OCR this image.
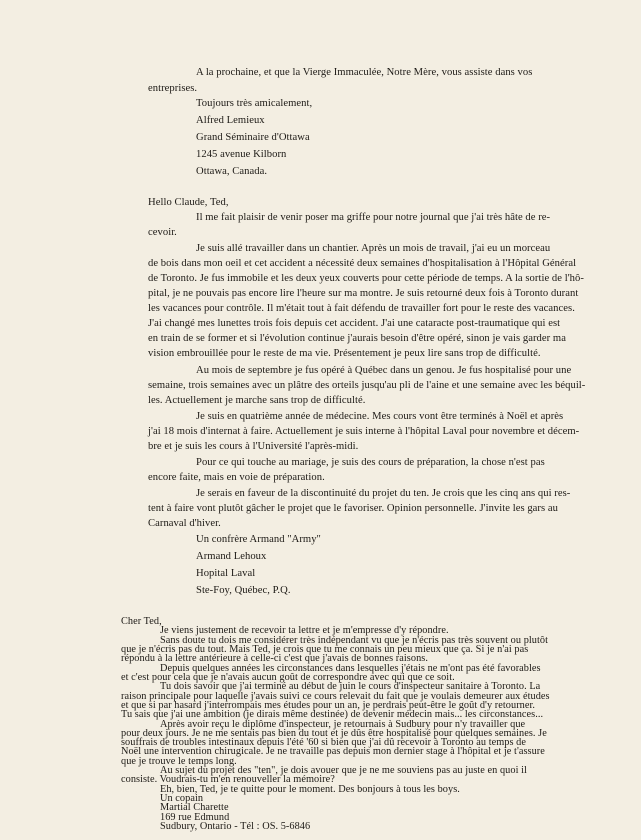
A la prochaine, et que la Vierge Immaculée, Notre Mère, vous assiste dans vos
entreprises.
Toujours très amicalement,
Alfred Lemieux
Grand Séminaire d'Ottawa
1245 avenue Kilborn
Ottawa, Canada.
Hello Claude, Ted,
Il me fait plaisir de venir poser ma griffe pour notre journal que j'ai très hâte de re-
cevoir.
Je suis allé travailler dans un chantier. Après un mois de travail, j'ai eu un morceau
de bois dans mon oeil et cet accident a nécessité deux semaines d'hospitalisation à l'Hôpital Général
de Toronto. Je fus immobile et les deux yeux couverts pour cette période de temps. A la sortie de l'hô-
pital, je ne pouvais pas encore lire l'heure sur ma montre. Je suis retourné deux fois à Toronto durant
les vacances pour contrôle. Il m'était tout à fait défendu de travailler fort pour le reste des vacances.
J'ai changé mes lunettes trois fois depuis cet accident. J'ai une cataracte post-traumatique qui est
en train de se former et si l'évolution continue j'aurais besoin d'être opéré, sinon je vais garder ma
vision embrouillée pour le reste de ma vie. Présentement je peux lire sans trop de difficulté.
Au mois de septembre je fus opéré à Québec dans un genou. Je fus hospitalisé pour une
semaine, trois semaines avec un plâtre des orteils jusqu'au pli de l'aine et une semaine avec les béquil-
les. Actuellement je marche sans trop de difficulté.
Je suis en quatrième année de médecine. Mes cours vont être terminés à Noël et après
j'ai 18 mois d'internat à faire. Actuellement je suis interne à l'hôpital Laval pour novembre et décem-
bre et je suis les cours à l'Université l'après-midi.
Pour ce qui touche au mariage, je suis des cours de préparation, la chose n'est pas
encore faite, mais en voie de préparation.
Je serais en faveur de la discontinuité du projet du ten. Je crois que les cinq ans qui res-
tent à faire vont plutôt gâcher le projet que le favoriser. Opinion personnelle. J'invite les gars au
Carnaval d'hiver.
Un confrère Armand "Army"
Armand Lehoux
Hopital Laval
Ste-Foy, Québec, P.Q.
Cher Ted,
Je viens justement de recevoir ta lettre et je m'empresse d'y répondre.
Sans doute tu dois me considérer très indépendant vu que je n'écris pas très souvent ou plutôt
que je n'écris pas du tout. Mais Ted, je crois que tu me connais un peu mieux que ça. Si je n'ai pas
répondu à la lettre antérieure à celle-ci c'est que j'avais de bonnes raisons.
Depuis quelques années les circonstances dans lesquelles j'étais ne m'ont pas été favorables
et c'est pour cela que je n'avais aucun goût de correspondre avec qui que ce soit.
Tu dois savoir que j'ai terminé au début de juin le cours d'inspecteur sanitaire à Toronto. La
raison principale pour laquelle j'avais suivi ce cours relevait du fait que je voulais demeurer aux études
et que si par hasard j'interrompais mes études pour un an, je perdrais peut-être le goût d'y retourner.
Tu sais que j'ai une ambition (je dirais même destinée) de devenir médecin mais... les circonstances...
Après avoir reçu le diplôme d'inspecteur, je retournais à Sudbury pour n'y travailler que
pour deux jours. Je ne me sentais pas bien du tout et je dûs être hospitalisé pour quelques semaines. Je
souffrais de troubles intestinaux depuis l'été '60 si bien que j'ai dû recevoir à Toronto au temps de
Noël une intervention chirugicale. Je ne travaille pas depuis mon dernier stage à l'hôpital et je t'assure
que je trouve le temps long.
Au sujet du projet des "ten", je dois avouer que je ne me souviens pas au juste en quoi il
consiste. Voudrais-tu m'en renouveller la mémoire?
Eh, bien, Ted, je te quitte pour le moment. Des bonjours à tous les boys.
Un copain
Martial Charette
169 rue Edmund
Sudbury, Ontario - Tél : OS. 5-6846
